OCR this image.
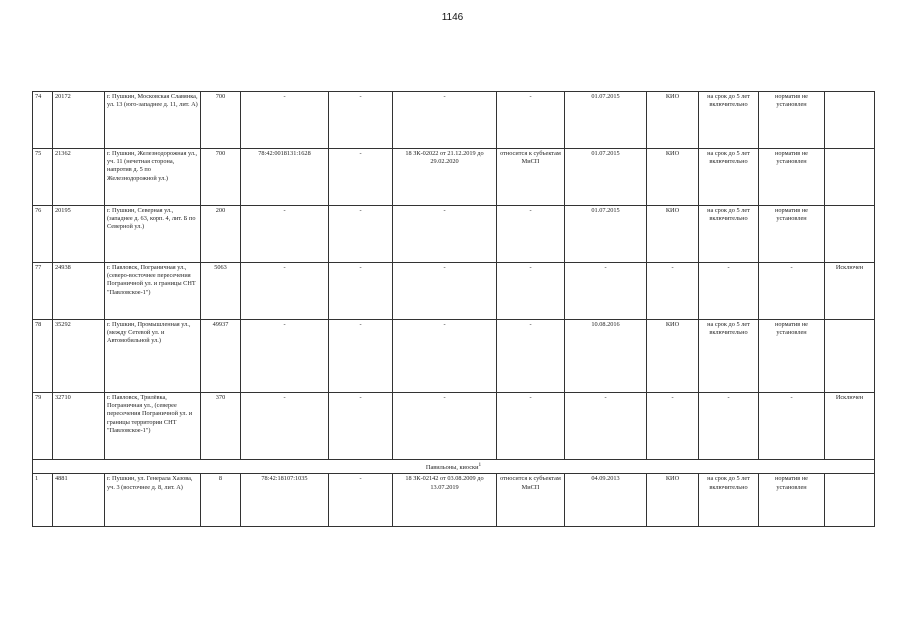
1146
74	20172	г. Пушкин, Московская Славянка, ул. 13 (юго-западнее д. 11, лит. А)	700	-	-	-	-	01.07.2015	КИО	на срок до 5 лет включительно	норматив не установлен	
75	21362	г. Пушкин, Железнодорожная ул., уч. 11 (нечетная сторона, напротив д. 5 по Железнодорожной ул.)	700	78:42:0018131:1628	-	18 ЗК-02022 от 21.12.2019 до 29.02.2020	относится к субъектам МиСП	01.07.2015	КИО	на срок до 5 лет включительно	норматив не установлен	
76	20195	г. Пушкин, Северная ул., (западнее д. 63, корп. 4, лит. Б по Северной ул.)	200	-	-	-	-	01.07.2015	КИО	на срок до 5 лет включительно	норматив не установлен	
77	24938	г. Павловск, Пограничная ул., (северо-восточнее пересечения Пограничной ул. и границы СНТ "Павловское-1")	5063	-	-	-	-	-	-	-	-	Исключен
78	35292	г. Пушкин, Промышленная ул., (между Сетевой ул. и Автомобильной ул.)	49937	-	-	-	-	10.08.2016	КИО	на срок до 5 лет включительно	норматив не установлен	
79	32710	г. Павловск, Трилёвка, Пограничная ул., (северее пересечения Пограничной ул. и границы территории СНТ "Павловское-1")	370	-	-	-	-	-	-	-	-	Исключен
Павильоны, киоски$^1$
1	4881	г. Пушкин, ул. Генерала Хазова, уч. 3 (восточнее д. 8, лит. А)	8	78:42:18107:1035	-	18 ЗК-02142 от 03.08.2009 до 13.07.2019	относится к субъектам МиСП	04.09.2013	КИО	на срок до 5 лет включительно	норматив не установлен	
